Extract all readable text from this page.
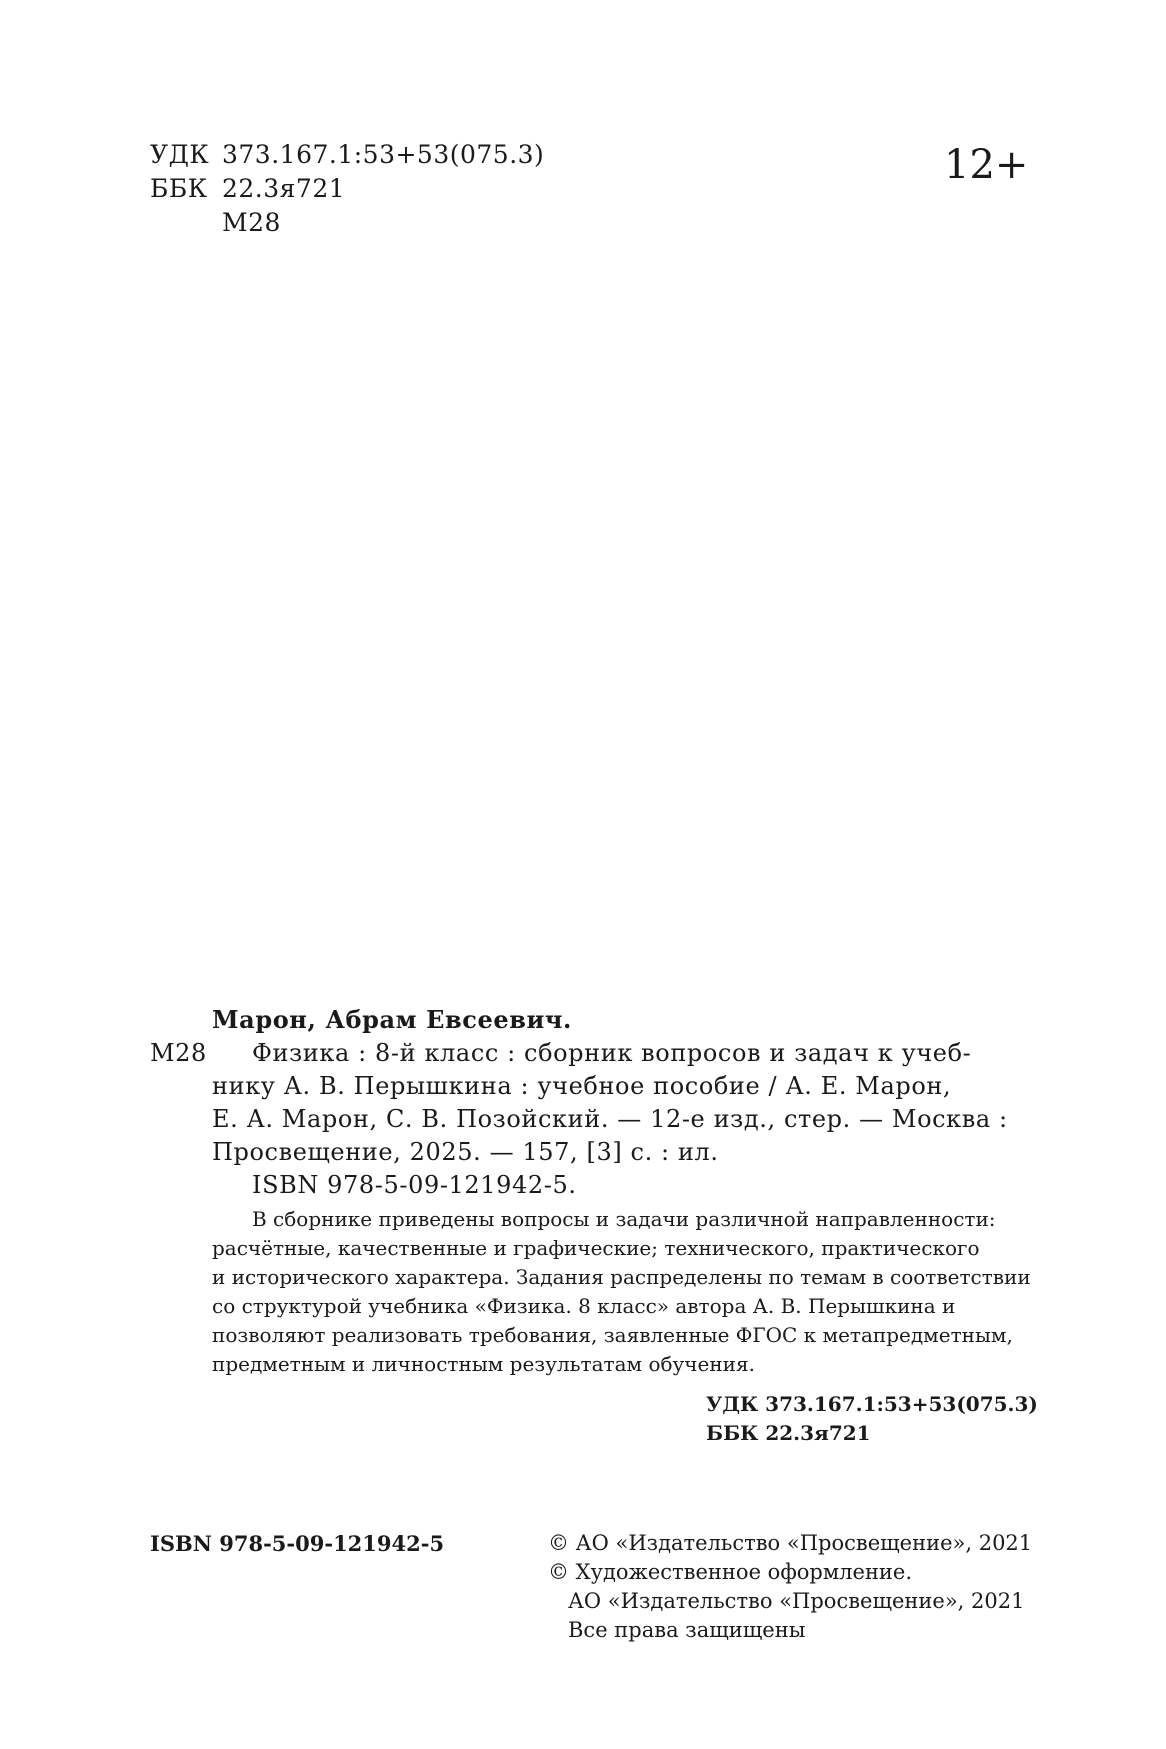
УДК 373.167.1:53+53(075.3)
ББК 22.3я721
М28
12+
Марон, Абрам Евсеевич.
М28 Физика : 8-й класс : сборник вопросов и задач к учеб-
нику А. В. Перышкина : учебное пособие / А. Е. Марон,
Е. А. Марон, С. В. Позойский. — 12-е изд., стер. — Москва :
Просвещение, 2025. — 157, [3] с. : ил.
ISBN 978-5-09-121942-5.
В сборнике приведены вопросы и задачи различной направленности:
расчётные, качественные и графические; технического, практического
и исторического характера. Задания распределены по темам в соответствии
со структурой учебника «Физика. 8 класс» автора А. В. Перышкина и
позволяют реализовать требования, заявленные ФГОС к метапредметным,
предметным и личностным результатам обучения.
УДК 373.167.1:53+53(075.3)
ББК 22.3я721
ISBN 978-5-09-121942-5	© АО «Издательство «Просвещение», 2021
© Художественное оформление.
АО «Издательство «Просвещение», 2021
Все права защищены
